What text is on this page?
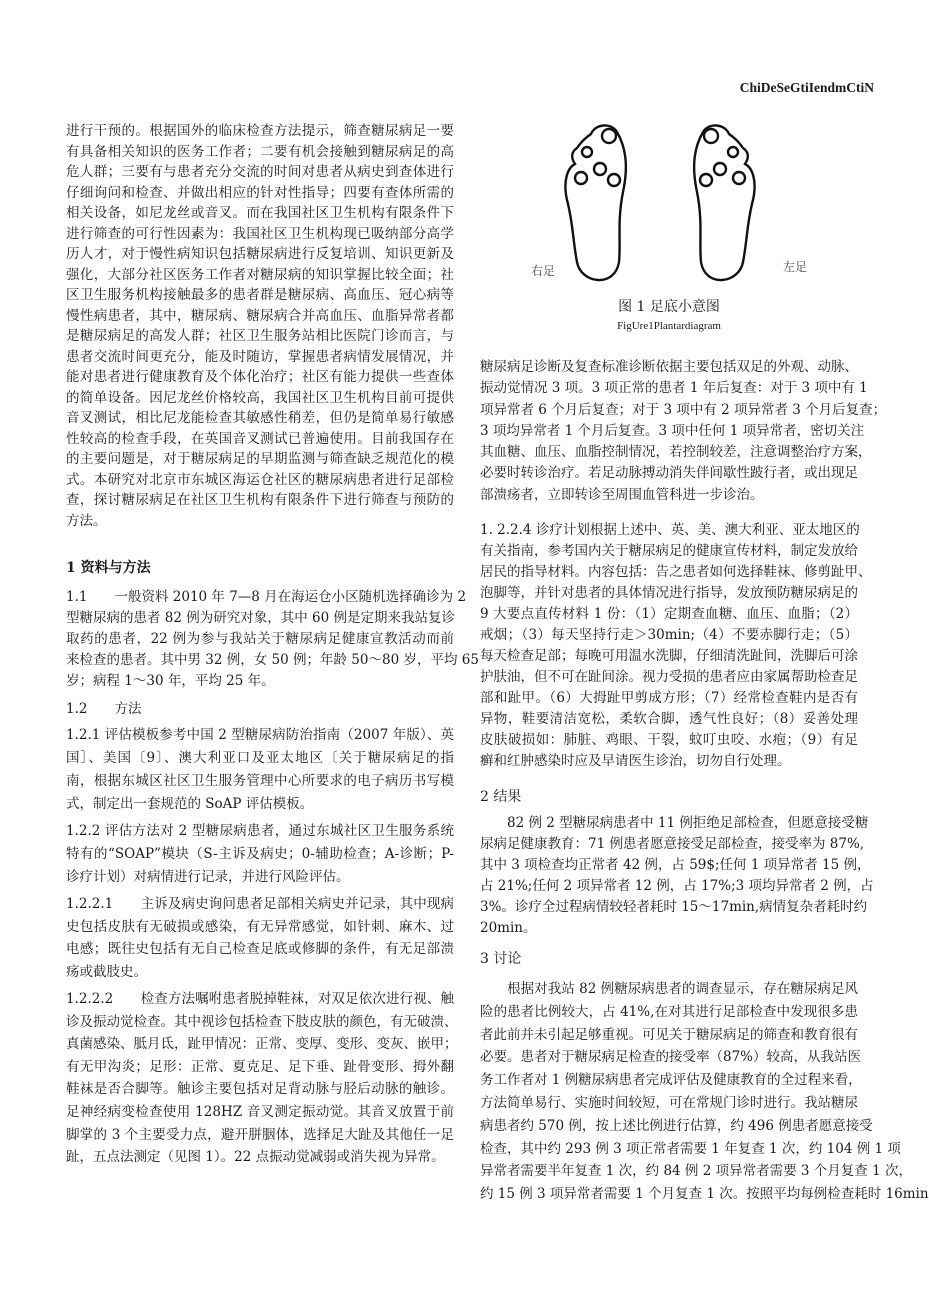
ChiDeSeGtiIendmCtiN
进行干预的。根据国外的临床检查方法提示，筛查糖尿病足一要
有具备相关知识的医务工作者；二要有机会接触到糖尿病足的高
危人群；三要有与患者充分交流的时间对患者从病史到查体进行
仔细询问和检查、并做出相应的针对性指导；四要有查体所需的
相关设备，如尼龙丝或音叉。而在我国社区卫生机构有限条件下
进行筛查的可行性因素为：我国社区卫生机构现已吸纳部分高学
历人才，对于慢性病知识包括糖尿病进行反复培训、知识更新及
强化，大部分社区医务工作者对糖尿病的知识掌握比较全面；社
区卫生服务机构接触最多的患者群是糖尿病、高血压、冠心病等
慢性病患者，其中，糖尿病、糖尿病合并高血压、血脂异常者都
是糖尿病足的高发人群；社区卫生服务站相比医院门诊而言，与
患者交流时间更充分，能及时随访，掌握患者病情发展情况，并
能对患者进行健康教育及个体化治疗；社区有能力提供一些查体
的简单设备。因尼龙丝价格较高，我国社区卫生机构目前可提供
音叉测试，相比尼龙能检查其敏感性稍差，但仍是简单易行敏感
性较高的检查手段，在英国音叉测试已普遍使用。目前我国存在
的主要问题是，对于糖尿病足的早期监测与筛查缺乏规范化的模
式。本研究对北京市东城区海运仓社区的糖尿病患者进行足部检
查，探讨糖尿病足在社区卫生机构有限条件下进行筛查与预防的
方法。
1 资料与方法
1.1　　一般资料 2010 年 7—8 月在海运仓小区随机选择确诊为 2
型糖尿病的患者 82 例为研究对象，其中 60 例是定期来我站复诊
取药的患者，22 例为参与我站关于糖尿病足健康宣教活动而前
来检查的患者。其中男 32 例，女 50 例；年龄 50～80 岁，平均 65
岁；病程 1～30 年，平均 25 年。
1.2　　方法
1.2.1 评估模板参考中国 2 型糖尿病防治指南（2007 年版）、英
国］、美国〔9〕、澳大利亚口及亚太地区〔关于糖尿病足的指
南，根据东城区社区卫生服务管理中心所要求的电子病历书写模
式，制定出一套规范的 SoAP 评估模板。
1.2.2 评估方法对 2 型糖尿病患者，通过东城社区卫生服务系统
特有的“SOAP”模块（S-主诉及病史；0-辅助检查；A-诊断；P-
诊疗计划）对病情进行记录，并进行风险评估。
1.2.2.1　　主诉及病史询问患者足部相关病史并记录，其中现病
史包括皮肤有无破损或感染，有无异常感觉，如针刺、麻木、过
电感；既往史包括有无自己检查足底或修脚的条件，有无足部溃
疡或截肢史。
1.2.2.2　　检查方法嘱咐患者脱掉鞋袜，对双足依次进行视、触
诊及振动觉检查。其中视诊包括检查下肢皮肤的颜色，有无破溃、
真菌感染、胝月氐，趾甲情况：正常、变厚、变形、变灰、嵌甲；
有无甲沟炎；足形：正常、夏克足、足下垂、趾骨变形、拇外翻
鞋袜是否合脚等。触诊主要包括对足背动脉与胫后动脉的触诊。
足神经病变检查使用 128HZ 音叉测定振动觉。其音叉放置于前
脚掌的 3 个主要受力点，避开胼胭体，选择足大趾及其他任一足
趾，五点法测定（见图 1）。22 点振动觉减弱或消失视为异常。
右足	左足
图 1 足底小意图
FigUre1Plantardiagram
糖尿病足诊断及复查标准诊断依据主要包括双足的外观、动脉、
振动觉情况 3 项。3 项正常的患者 1 年后复查：对于 3 项中有 1
项异常者 6 个月后复查；对于 3 项中有 2 项异常者 3 个月后复查；
3 项均异常者 1 个月后复查。3 项中任何 1 项异常者，密切关注
其血糖、血压、血脂控制情况，若控制较差，注意调整治疗方案，
必要时转诊治疗。若足动脉搏动消失伴间歇性跛行者，或出现足
部溃疡者，立即转诊至周围血管科进一步诊治。
1. 2.2.4 诊疗计划根据上述中、英、美、澳大利亚、亚太地区的
有关指南，参考国内关于糖尿病足的健康宣传材料，制定发放给
居民的指导材料。内容包括：告之患者如何选择鞋袜、修剪趾甲、
泡脚等，并针对患者的具体情况进行指导，发放预防糖尿病足的
9 大要点直传材料 1 份：（1）定期查血糖、血压、血脂；（2）
戒烟；（3）每天坚持行走＞30min;（4）不要赤脚行走；（5）
每天检查足部；每晚可用温水洗脚，仔细清洗趾间，洗脚后可涂
护肤油，但不可在趾间涂。视力受损的患者应由家属帮助检查足
部和趾甲。（6）大拇趾甲剪成方形；（7）经常检查鞋内是否有
异物，鞋要清洁宽松，柔软合脚，透气性良好；（8）妥善处理
皮肤破损如：肺脏、鸡眼、干裂，蚊叮虫咬、水疱；（9）有足
癣和红肿感染时应及早请医生诊治，切勿自行处理。
2 结果
　　82 例 2 型糖尿病患者中 11 例拒绝足部检查，但愿意接受糖
尿病足健康教育：71 例患者愿意接受足部检查，接受率为 87%,
其中 3 项检查均正常者 42 例，占 59$;任何 1 项异常者 15 例，
占 21%;任何 2 项异常者 12 例，占 17%;3 项均异常者 2 例，占
3%。诊疗全过程病情较轻者耗时 15～17min,病情复杂者耗时约
20min。
3 讨论
　　根据对我站 82 例糖尿病患者的调查显示，存在糖尿病足风
险的患者比例较大，占 41%,在对其进行足部检查中发现很多患
者此前并未引起足够重视。可见关于糖尿病足的筛查和教育很有
必要。患者对于糖尿病足检查的接受率（87%）较高，从我站医
务工作者对 1 例糖尿病患者完成评估及健康教育的全过程来看，
方法简单易行、实施时间较短，可在常规门诊时进行。我站糖尿
病患者约 570 例，按上述比例进行估算，约 496 例患者愿意接受
检查，其中约 293 例 3 项正常者需要 1 年复查 1 次，约 104 例 1 项
异常者需要半年复查 1 次，约 84 例 2 项异常者需要 3 个月复查 1 次，
约 15 例 3 项异常者需要 1 个月复查 1 次。按照平均每例检查耗时 16min
